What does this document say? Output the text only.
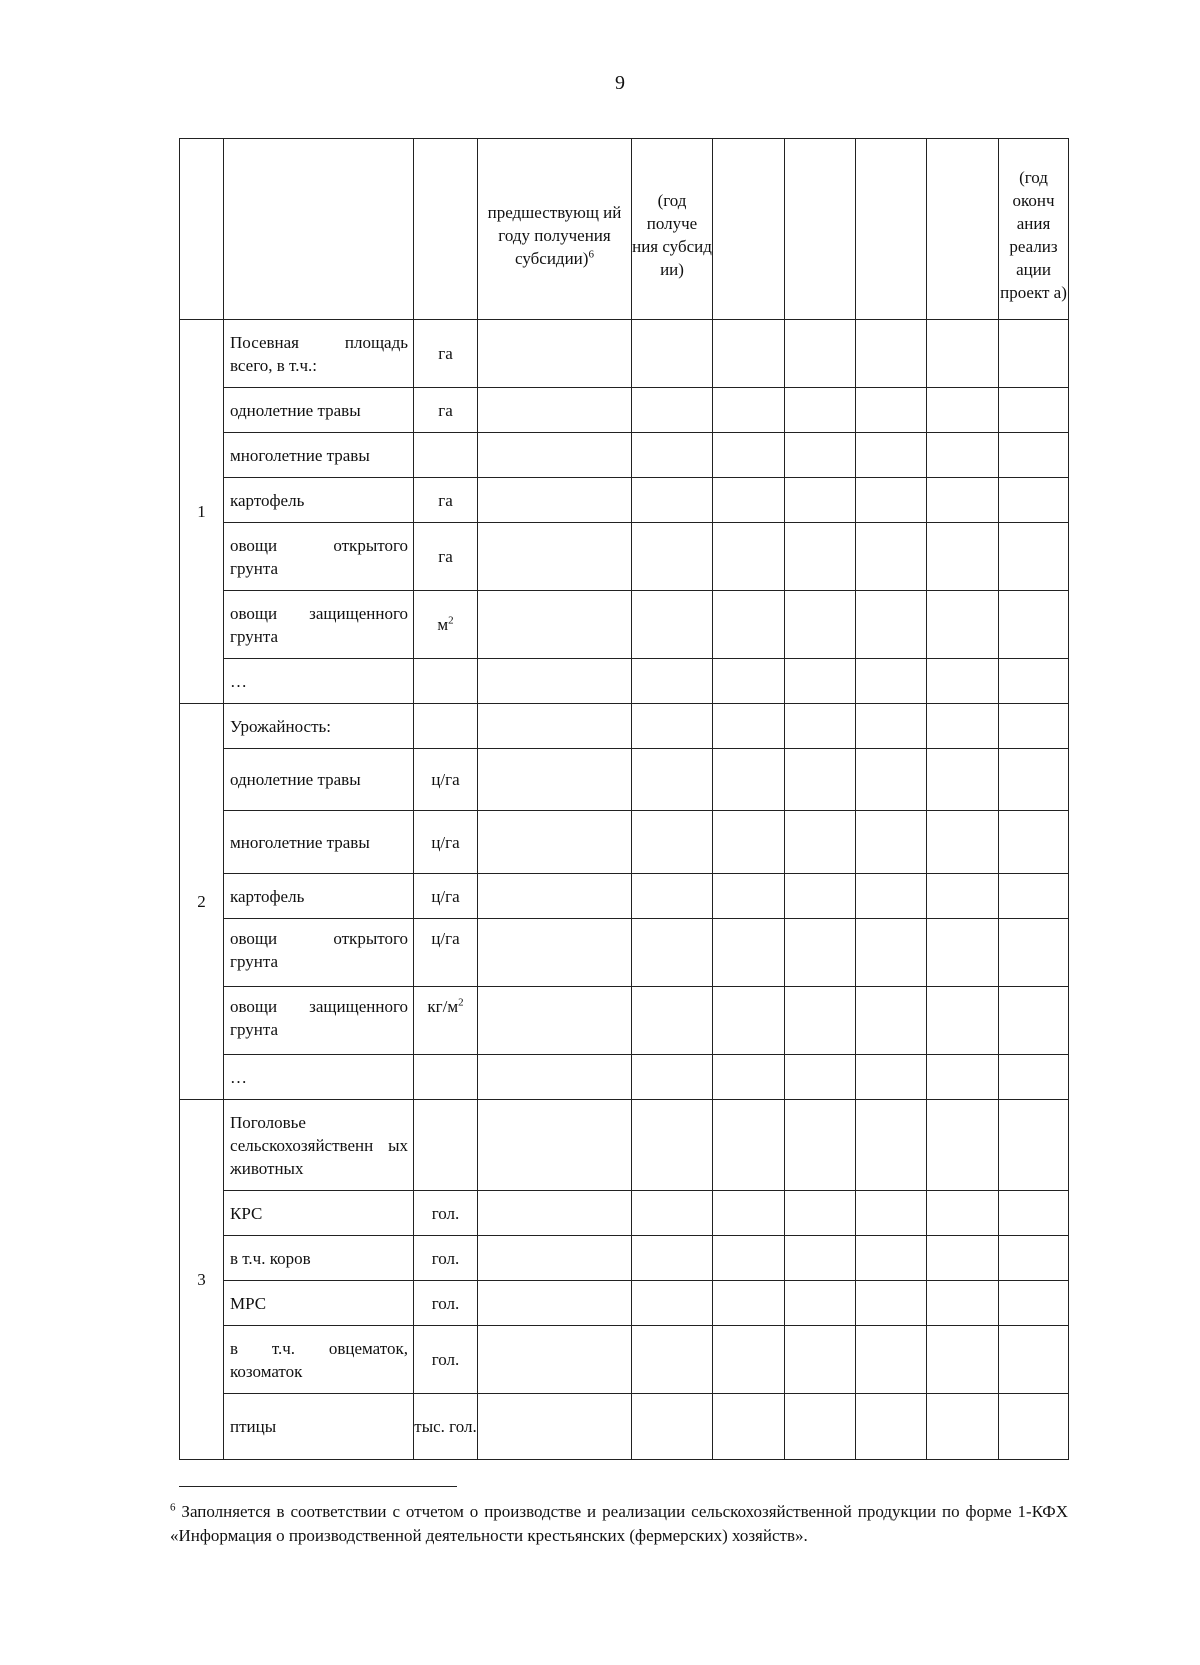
9
			предшествующ ий году получения субсидии)$^6$	(год получе ния субсид ии)					(год оконч ания реализ ации проект а)
1	Посевная площадь всего, в т.ч.:	га							
	однолетние травы	га							
	многолетние травы								
	картофель	га							
	овощи открытого грунта	га							
	овощи защищенного грунта	$м^2$							
	…								
2	Урожайность:								
	однолетние травы	ц/га							
	многолетние травы	ц/га							
	картофель	ц/га							
	овощи открытого грунта	ц/га							
	овощи защищенного грунта	$кг/м^2$							
	…								
3	Поголовье сельскохозяйственн ых животных								
	КРС	гол.							
	в т.ч. коров	гол.							
	МРС	гол.							
	в т.ч. овцематок, козоматок	гол.							
	птицы	тыс. гол.							
$^6$ Заполняется в соответствии с отчетом о производстве и реализации сельскохозяйственной продукции по форме 1-КФХ «Информация о производственной деятельности крестьянских (фермерских) хозяйств».
